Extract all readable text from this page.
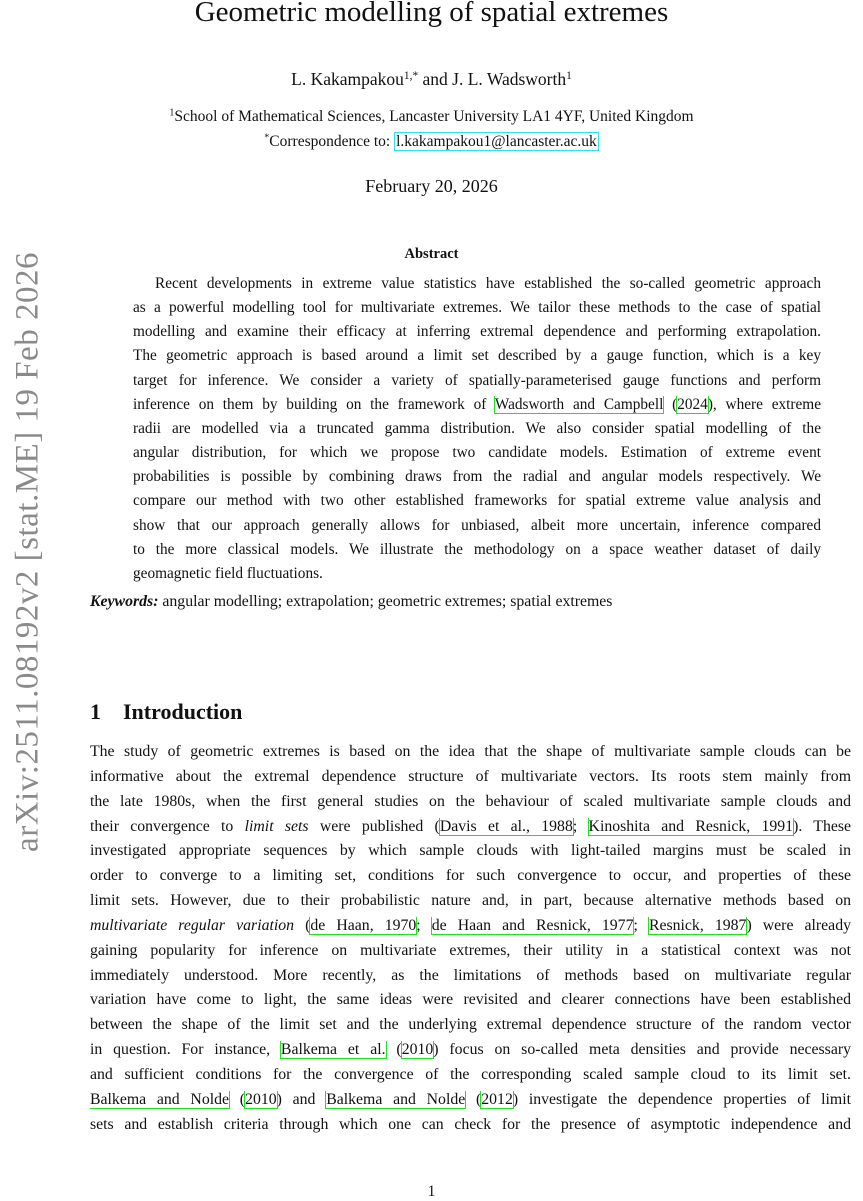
arXiv:2511.08192v2 [stat.ME] 19 Feb 2026
Geometric modelling of spatial extremes
L. Kakampakou$^{1,*}$ and J. L. Wadsworth$^1$
$^1$School of Mathematical Sciences, Lancaster University LA1 4YF, United Kingdom
*Correspondence to: l.kakampakou1@lancaster.ac.uk
February 20, 2026
Abstract
Recent developments in extreme value statistics have established the so-called geometric approach
as a powerful modelling tool for multivariate extremes. We tailor these methods to the case of spatial
modelling and examine their efficacy at inferring extremal dependence and performing extrapolation.
The geometric approach is based around a limit set described by a gauge function, which is a key
target for inference. We consider a variety of spatially-parameterised gauge functions and perform
inference on them by building on the framework of Wadsworth and Campbell (2024), where extreme
radii are modelled via a truncated gamma distribution. We also consider spatial modelling of the
angular distribution, for which we propose two candidate models. Estimation of extreme event
probabilities is possible by combining draws from the radial and angular models respectively. We
compare our method with two other established frameworks for spatial extreme value analysis and
show that our approach generally allows for unbiased, albeit more uncertain, inference compared
to the more classical models. We illustrate the methodology on a space weather dataset of daily
geomagnetic field fluctuations.
Keywords: angular modelling; extrapolation; geometric extremes; spatial extremes
1 Introduction
The study of geometric extremes is based on the idea that the shape of multivariate sample clouds can be
informative about the extremal dependence structure of multivariate vectors. Its roots stem mainly from
the late 1980s, when the first general studies on the behaviour of scaled multivariate sample clouds and
their convergence to limit sets were published (Davis et al., 1988; Kinoshita and Resnick, 1991). These
investigated appropriate sequences by which sample clouds with light-tailed margins must be scaled in
order to converge to a limiting set, conditions for such convergence to occur, and properties of these
limit sets. However, due to their probabilistic nature and, in part, because alternative methods based on
multivariate regular variation (de Haan, 1970; de Haan and Resnick, 1977; Resnick, 1987) were already
gaining popularity for inference on multivariate extremes, their utility in a statistical context was not
immediately understood. More recently, as the limitations of methods based on multivariate regular
variation have come to light, the same ideas were revisited and clearer connections have been established
between the shape of the limit set and the underlying extremal dependence structure of the random vector
in question. For instance, Balkema et al. (2010) focus on so-called meta densities and provide necessary
and sufficient conditions for the convergence of the corresponding scaled sample cloud to its limit set.
Balkema and Nolde (2010) and Balkema and Nolde (2012) investigate the dependence properties of limit
sets and establish criteria through which one can check for the presence of asymptotic independence and
1
